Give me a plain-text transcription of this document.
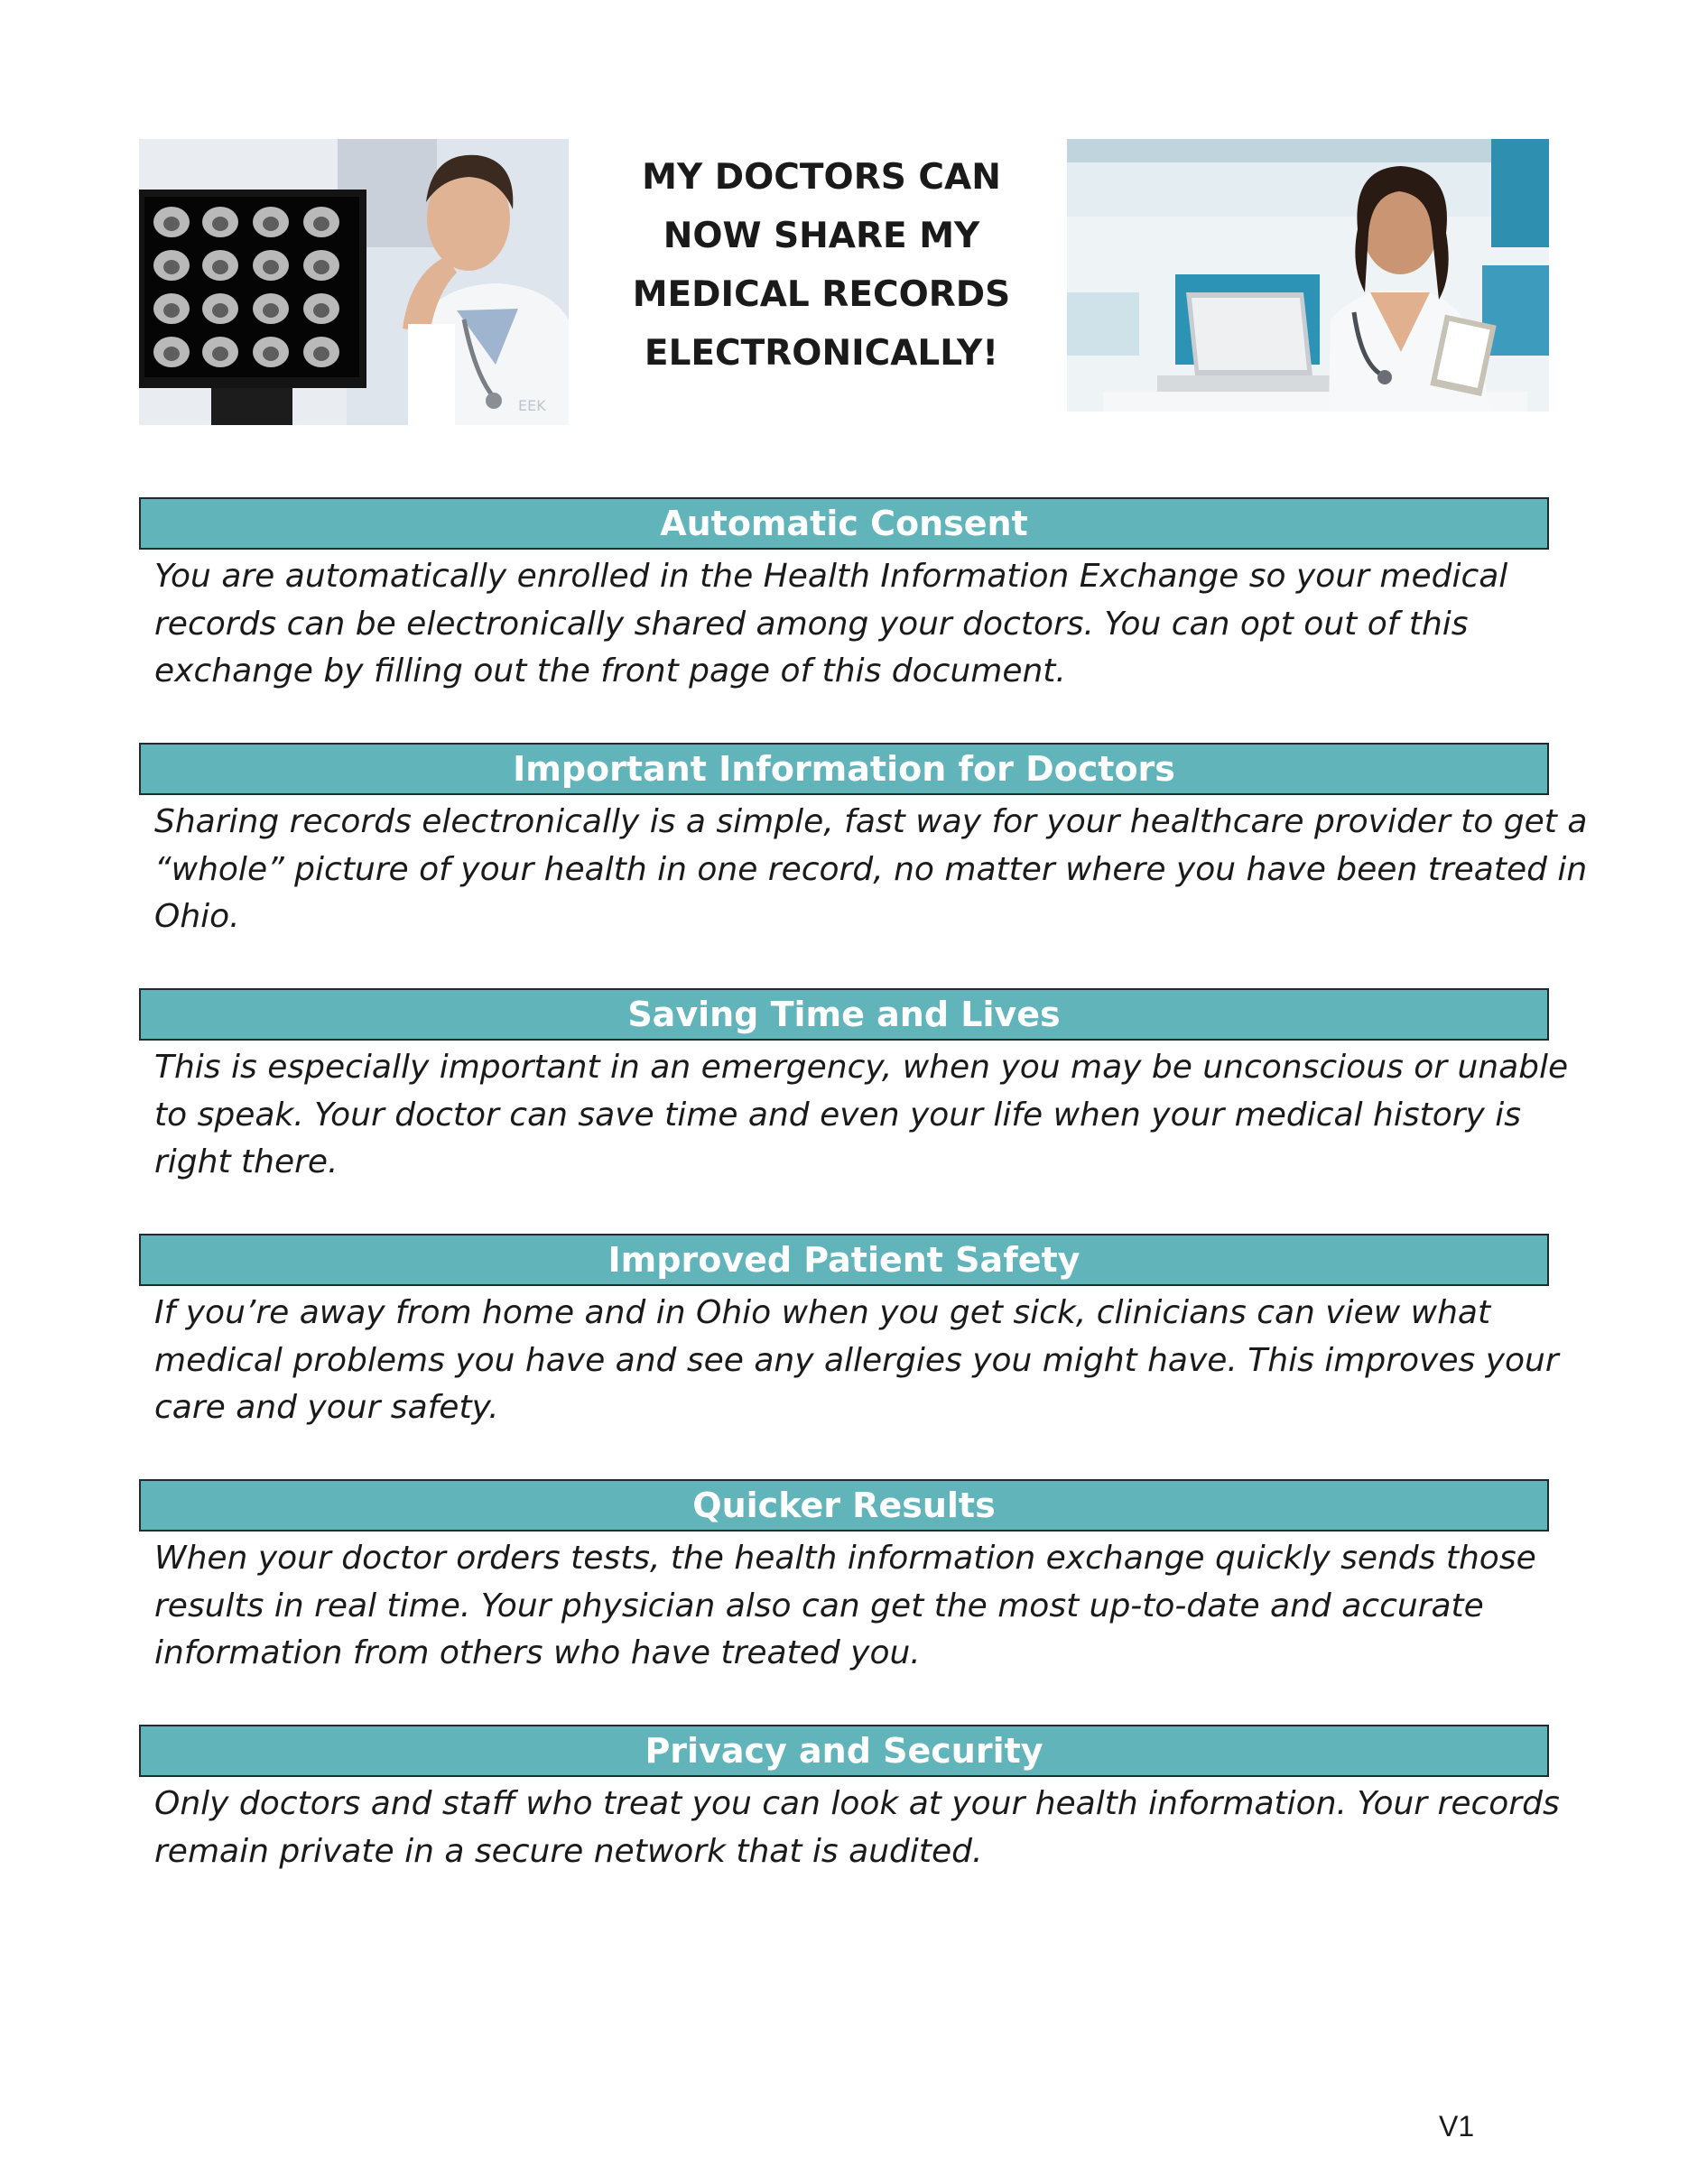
EEK
MY DOCTORS CAN
NOW SHARE MY
MEDICAL RECORDS
ELECTRONICALLY!
Automatic Consent
You are automatically enrolled in the Health Information Exchange so your medical
records can be electronically shared among your doctors. You can opt out of this
exchange by filling out the front page of this document.
Important Information for Doctors
Sharing records electronically is a simple, fast way for your healthcare provider to get a
“whole” picture of your health in one record, no matter where you have been treated in
Ohio.
Saving Time and Lives
This is especially important in an emergency, when you may be unconscious or unable
to speak. Your doctor can save time and even your life when your medical history is
right there.
Improved Patient Safety
If you’re away from home and in Ohio when you get sick, clinicians can view what
medical problems you have and see any allergies you might have. This improves your
care and your safety.
Quicker Results
When your doctor orders tests, the health information exchange quickly sends those
results in real time. Your physician also can get the most up-to-date and accurate
information from others who have treated you.
Privacy and Security
Only doctors and staff who treat you can look at your health information. Your records
remain private in a secure network that is audited.
V1
